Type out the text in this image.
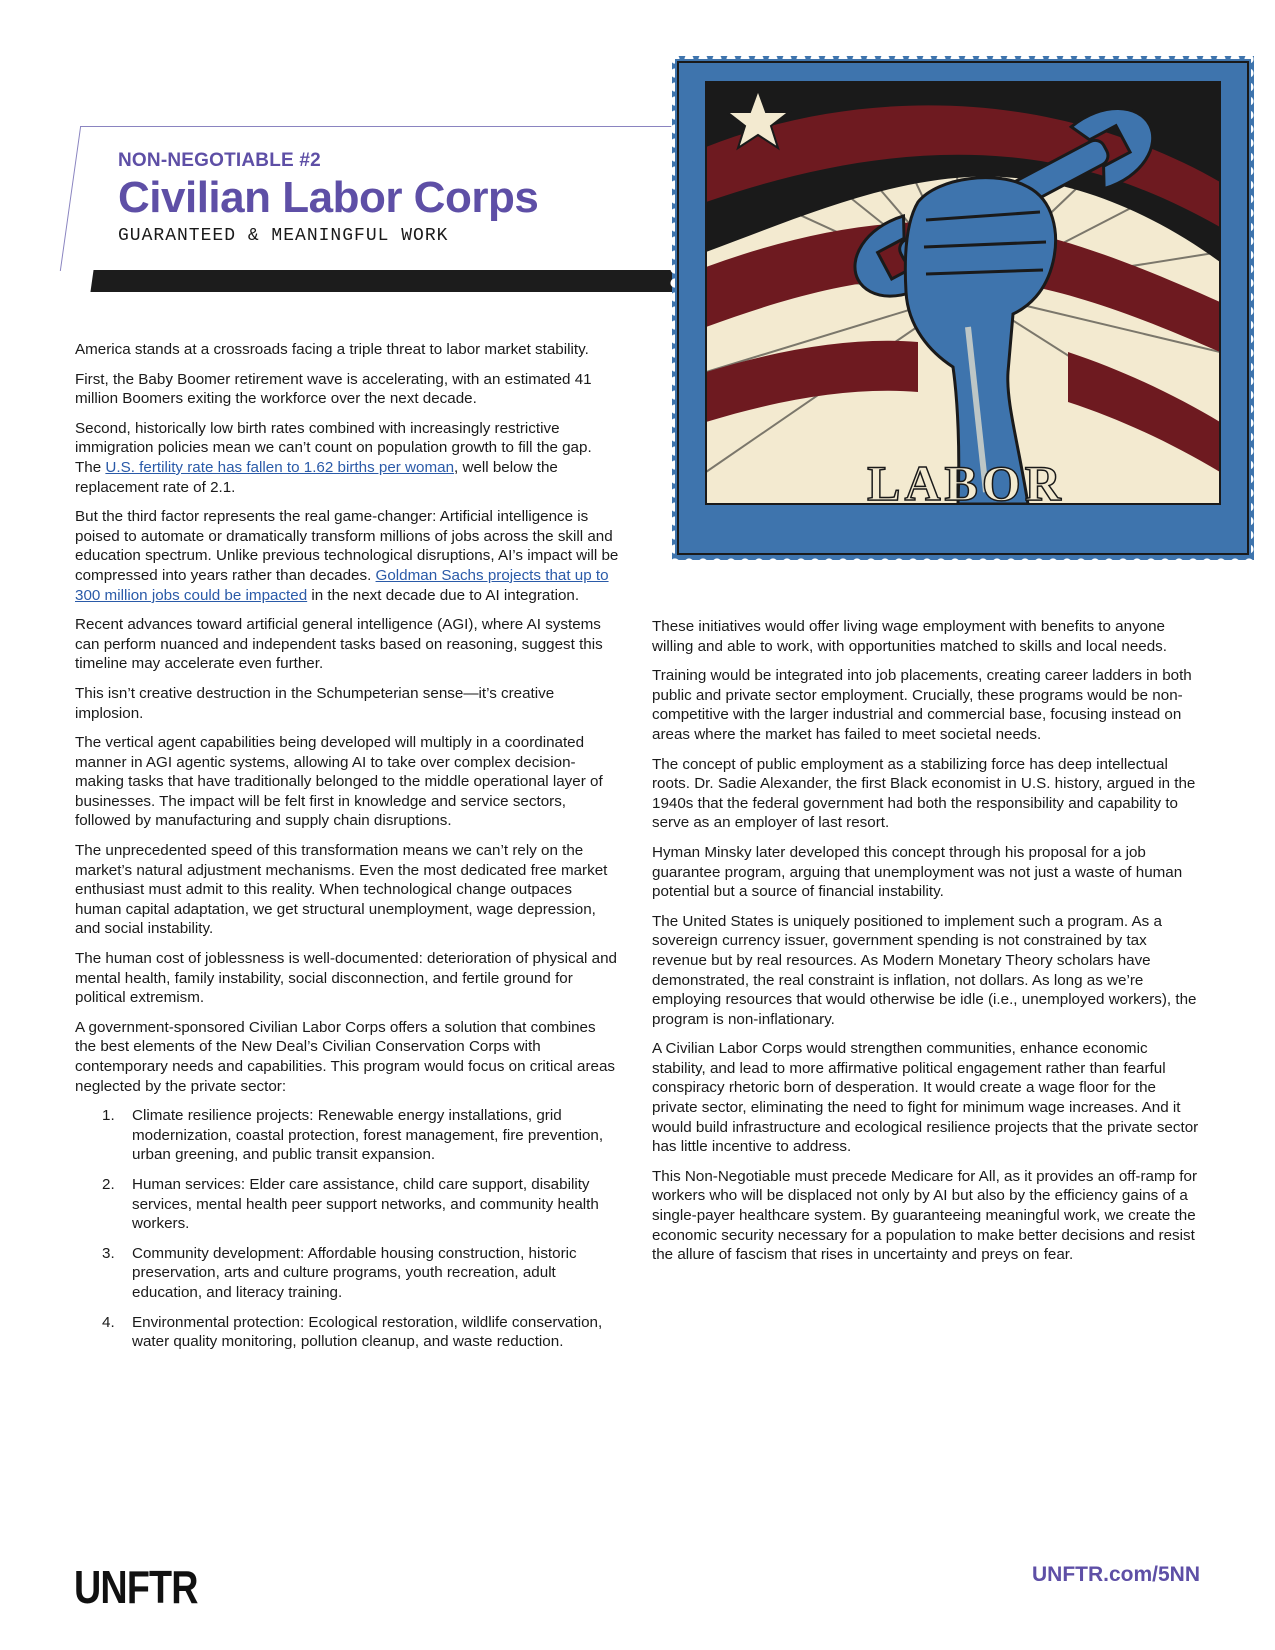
NON-NEGOTIABLE #2

Civilian Labor Corps

GUARANTEED & MEANINGFUL WORK

LABOR

America stands at a crossroads facing a triple threat to labor market stability.

First, the Baby Boomer retirement wave is accelerating, with an estimated 41 million Boomers exiting the workforce over the next decade.

Second, historically low birth rates combined with increasingly restrictive immigration policies mean we can’t count on population growth to fill the gap. The U.S. fertility rate has fallen to 1.62 births per woman, well below the replacement rate of 2.1.

But the third factor represents the real game-changer: Artificial intelligence is poised to automate or dramatically transform millions of jobs across the skill and education spectrum. Unlike previous technological disruptions, AI’s impact will be compressed into years rather than decades. Goldman Sachs projects that up to 300 million jobs could be impacted in the next decade due to AI integration.

Recent advances toward artificial general intelligence (AGI), where AI systems can perform nuanced and independent tasks based on reasoning, suggest this timeline may accelerate even further.

This isn’t creative destruction in the Schumpeterian sense—it’s creative implosion.

The vertical agent capabilities being developed will multiply in a coordinated manner in AGI agentic systems, allowing AI to take over complex decision-making tasks that have traditionally belonged to the middle operational layer of businesses. The impact will be felt first in knowledge and service sectors, followed by manufacturing and supply chain disruptions.

The unprecedented speed of this transformation means we can’t rely on the market’s natural adjustment mechanisms. Even the most dedicated free market enthusiast must admit to this reality. When technological change outpaces human capital adaptation, we get structural unemployment, wage depression, and social instability.

The human cost of joblessness is well-documented: deterioration of physical and mental health, family instability, social disconnection, and fertile ground for political extremism.

A government-sponsored Civilian Labor Corps offers a solution that combines the best elements of the New Deal’s Civilian Conservation Corps with contemporary needs and capabilities. This program would focus on critical areas neglected by the private sector:

1. Climate resilience projects: Renewable energy installations, grid modernization, coastal protection, forest management, fire prevention, urban greening, and public transit expansion.
2. Human services: Elder care assistance, child care support, disability services, mental health peer support networks, and community health workers.
3. Community development: Affordable housing construction, historic preservation, arts and culture programs, youth recreation, adult education, and literacy training.
4. Environmental protection: Ecological restoration, wildlife conservation, water quality monitoring, pollution cleanup, and waste reduction.

These initiatives would offer living wage employment with benefits to anyone willing and able to work, with opportunities matched to skills and local needs.

Training would be integrated into job placements, creating career ladders in both public and private sector employment. Crucially, these programs would be non-competitive with the larger industrial and commercial base, focusing instead on areas where the market has failed to meet societal needs.

The concept of public employment as a stabilizing force has deep intellectual roots. Dr. Sadie Alexander, the first Black economist in U.S. history, argued in the 1940s that the federal government had both the responsibility and capability to serve as an employer of last resort.

Hyman Minsky later developed this concept through his proposal for a job guarantee program, arguing that unemployment was not just a waste of human potential but a source of financial instability.

The United States is uniquely positioned to implement such a program. As a sovereign currency issuer, government spending is not constrained by tax revenue but by real resources. As Modern Monetary Theory scholars have demonstrated, the real constraint is inflation, not dollars. As long as we’re employing resources that would otherwise be idle (i.e., unemployed workers), the program is non-inflationary.

A Civilian Labor Corps would strengthen communities, enhance economic stability, and lead to more affirmative political engagement rather than fearful conspiracy rhetoric born of desperation. It would create a wage floor for the private sector, eliminating the need to fight for minimum wage increases. And it would build infrastructure and ecological resilience projects that the private sector has little incentive to address.

This Non-Negotiable must precede Medicare for All, as it provides an off-ramp for workers who will be displaced not only by AI but also by the efficiency gains of a single-payer healthcare system. By guaranteeing meaningful work, we create the economic security necessary for a population to make better decisions and resist the allure of fascism that rises in uncertainty and preys on fear.

UNFTR	UNFTR.com/5NN
